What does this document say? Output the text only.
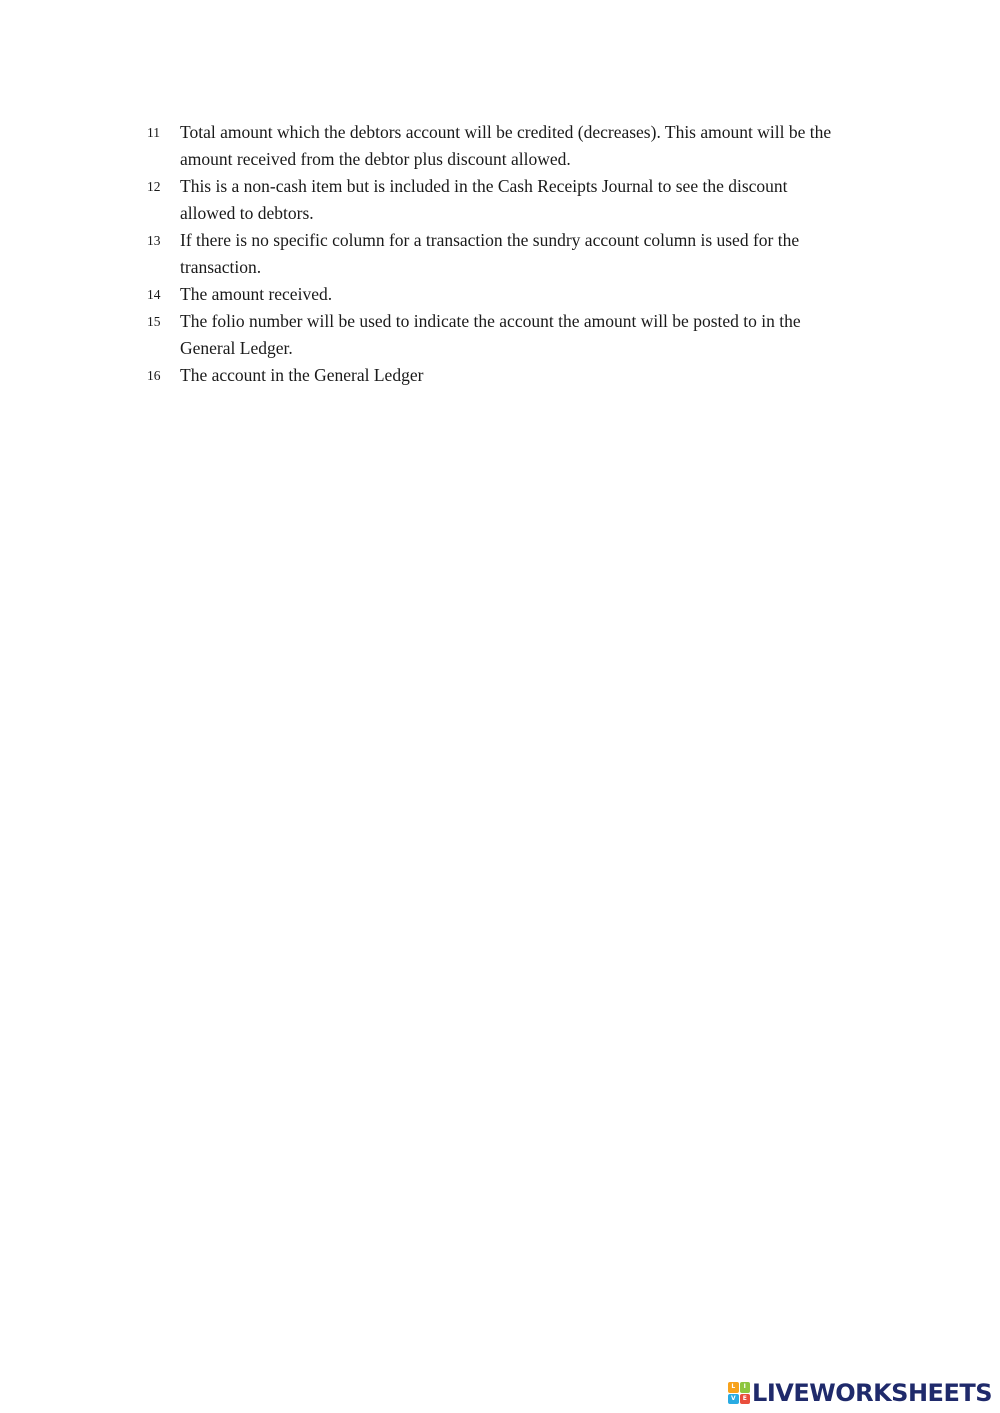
11	Total amount which the debtors account will be credited (decreases). This amount will be the amount received from the debtor plus discount allowed.
12	This is a non-cash item but is included in the Cash Receipts Journal to see the discount allowed to debtors.
13	If there is no specific column for a transaction the sundry account column is used for the transaction.
14	The amount received.
15	The folio number will be used to indicate the account the amount will be posted to in the General Ledger.
16	The account in the General Ledger
L	I
V	E LIVEWORKSHEETS
